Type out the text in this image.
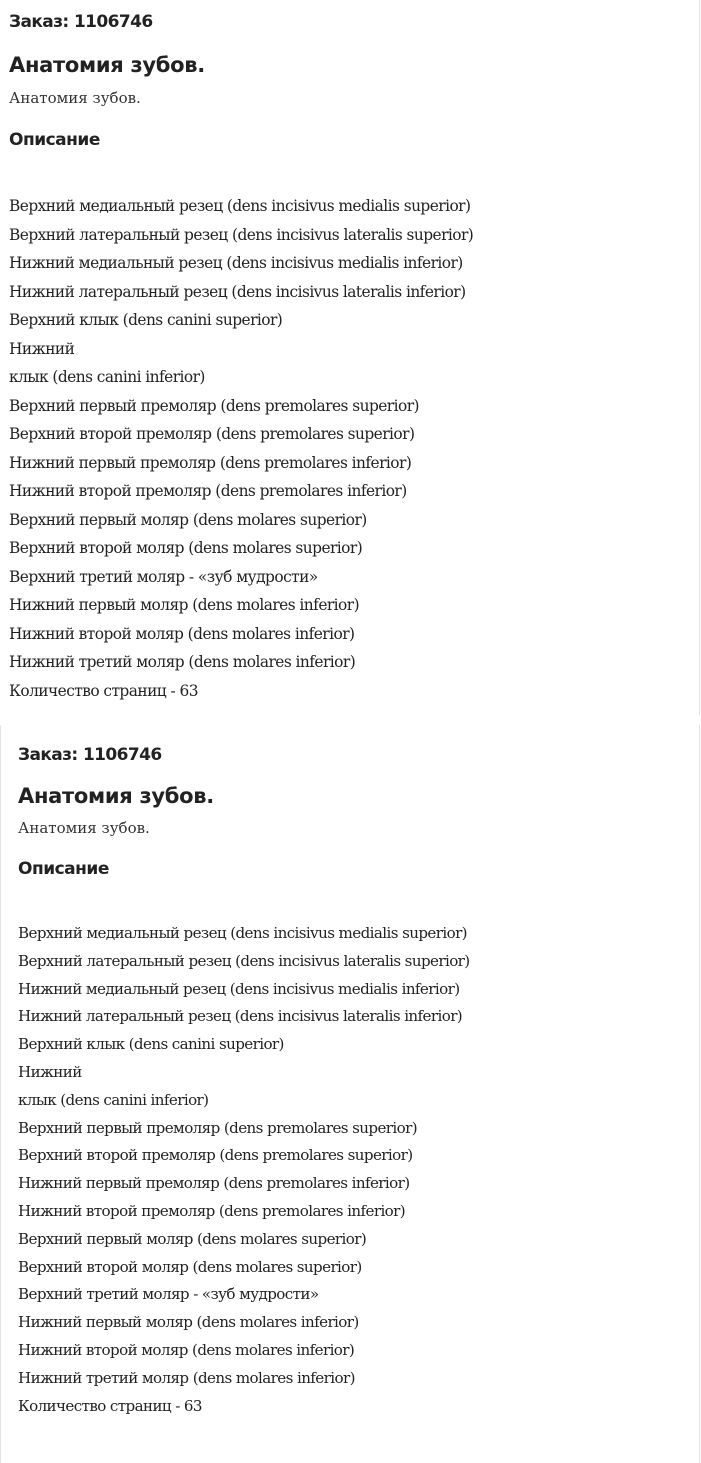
Заказ: 1106746

Анатомия зубов.

Анатомия зубов.

Описание
Верхний медиальный резец (dens incisivus medialis superior)
Верхний латеральный резец (dens incisivus lateralis superior)
Нижний медиальный резец (dens incisivus medialis inferior)
Нижний латеральный резец (dens incisivus lateralis inferior)
Верхний клык (dens canini superior)
Нижний
клык (dens canini inferior)
Верхний первый премоляр (dens premolares superior)
Верхний второй премоляр (dens premolares superior)
Нижний первый премоляр (dens premolares inferior)
Нижний второй премоляр (dens premolares inferior)
Верхний первый моляр (dens molares superior)
Верхний второй моляр (dens molares superior)
Верхний третий моляр - «зуб мудрости»
Нижний первый моляр (dens molares inferior)
Нижний второй моляр (dens molares inferior)
Нижний третий моляр (dens molares inferior)
Количество страниц - 63

Заказ: 1106746

Анатомия зубов.

Анатомия зубов.

Описание
Верхний медиальный резец (dens incisivus medialis superior)
Верхний латеральный резец (dens incisivus lateralis superior)
Нижний медиальный резец (dens incisivus medialis inferior)
Нижний латеральный резец (dens incisivus lateralis inferior)
Верхний клык (dens canini superior)
Нижний
клык (dens canini inferior)
Верхний первый премоляр (dens premolares superior)
Верхний второй премоляр (dens premolares superior)
Нижний первый премоляр (dens premolares inferior)
Нижний второй премоляр (dens premolares inferior)
Верхний первый моляр (dens molares superior)
Верхний второй моляр (dens molares superior)
Верхний третий моляр - «зуб мудрости»
Нижний первый моляр (dens molares inferior)
Нижний второй моляр (dens molares inferior)
Нижний третий моляр (dens molares inferior)
Количество страниц - 63
